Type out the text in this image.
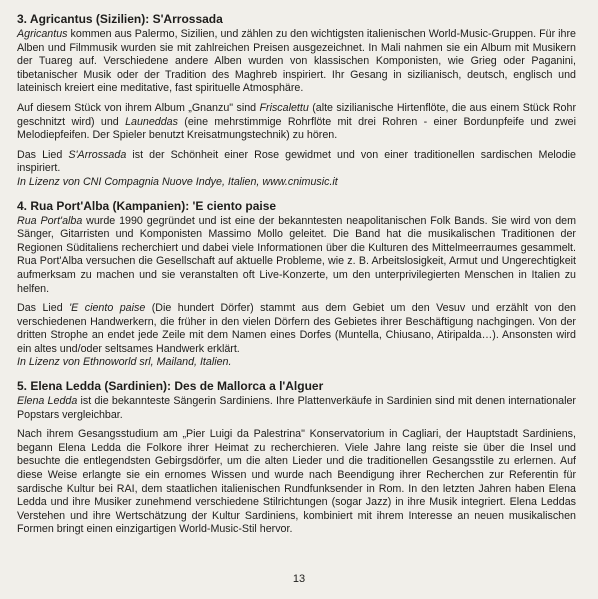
3. Agricantus (Sizilien): S'Arrossada

Agricantus kommen aus Palermo, Sizilien, und zählen zu den wichtigsten italienischen World-Music-Gruppen. Für ihre Alben und Filmmusik wurden sie mit zahlreichen Preisen ausgezeichnet. In Mali nahmen sie ein Album mit Musikern der Tuareg auf. Verschiedene andere Alben wurden von klassischen Komponisten, wie Grieg oder Paganini, tibetanischer Musik oder der Tradition des Maghreb inspiriert. Ihr Gesang in sizilianisch, deutsch, englisch und lateinisch kreiert eine meditative, fast spirituelle Atmosphäre.

Auf diesem Stück von ihrem Album „Gnanzu" sind Friscalettu (alte sizilianische Hirtenflöte, die aus einem Stück Rohr geschnitzt wird) und Launeddas (eine mehrstimmige Rohrflöte mit drei Rohren - einer Bordunpfeife und zwei Melodiepfeifen. Der Spieler benutzt Kreisatmungstechnik) zu hören.

Das Lied S'Arrossada ist der Schönheit einer Rose gewidmet und von einer traditionellen sardischen Melodie inspiriert.

In Lizenz von CNI Compagnia Nuove Indye, Italien, www.cnimusic.it

4. Rua Port'Alba (Kampanien): 'E ciento paise

Rua Port'alba wurde 1990 gegründet und ist eine der bekanntesten neapolitanischen Folk Bands. Sie wird von dem Sänger, Gitarristen und Komponisten Massimo Mollo geleitet. Die Band hat die musikalischen Traditionen der Regionen Süditaliens recherchiert und dabei viele Informationen über die Kulturen des Mittelmeerraumes gesammelt. Rua Port'Alba versuchen die Gesellschaft auf aktuelle Probleme, wie z. B. Arbeitslosigkeit, Armut und Ungerechtigkeit aufmerksam zu machen und sie veranstalten oft Live-Konzerte, um den unterprivilegierten Menschen in Italien zu helfen.

Das Lied 'E ciento paise (Die hundert Dörfer) stammt aus dem Gebiet um den Vesuv und erzählt von den verschiedenen Handwerkern, die früher in den vielen Dörfern des Gebietes ihrer Beschäftigung nachgingen. Von der dritten Strophe an endet jede Zeile mit dem Namen eines Dorfes (Muntella, Chiusano, Atiripalda…). Ansonsten wird ein altes und/oder seltsames Handwerk erklärt.

In Lizenz von Ethnoworld srl, Mailand, Italien.

5. Elena Ledda (Sardinien): Des de Mallorca a l'Alguer

Elena Ledda ist die bekannteste Sängerin Sardiniens. Ihre Plattenverkäufe in Sardinien sind mit denen internationaler Popstars vergleichbar.

Nach ihrem Gesangsstudium am „Pier Luigi da Palestrina" Konservatorium in Cagliari, der Hauptstadt Sardiniens, begann Elena Ledda die Folkore ihrer Heimat zu recherchieren. Viele Jahre lang reiste sie über die Insel und besuchte die entlegendsten Gebirgsdörfer, um die alten Lieder und die traditionellen Gesangsstile zu erlernen. Auf diese Weise erlangte sie ein ernomes Wissen und wurde nach Beendigung ihrer Recherchen zur Referentin für sardische Kultur bei RAI, dem staatlichen italienischen Rundfunksender in Rom. In den letzten Jahren haben Elena Ledda und ihre Musiker zunehmend verschiedene Stilrichtungen (sogar Jazz) in ihre Musik integriert. Elena Leddas Verstehen und ihre Wertschätzung der Kultur Sardiniens, kombiniert mit ihrem Interesse an neuen musikalischen Formen bringt einen einzigartigen World-Music-Stil hervor.

13
